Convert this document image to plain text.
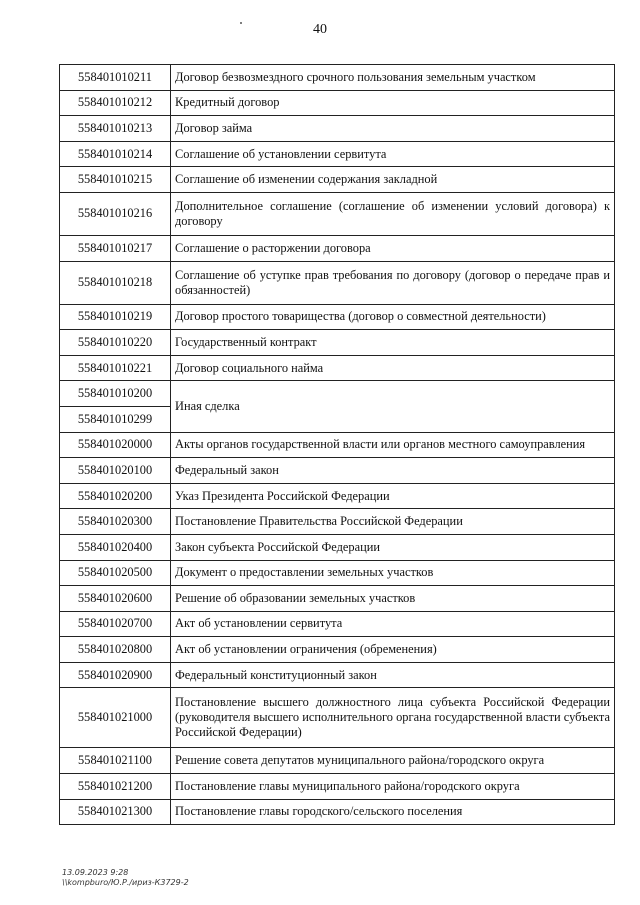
40
558401010211	Договор безвозмездного срочного пользования земельным участком
558401010212	Кредитный договор
558401010213	Договор займа
558401010214	Соглашение об установлении сервитута
558401010215	Соглашение об изменении содержания закладной
558401010216	Дополнительное соглашение (соглашение об изменении условий договора) к договору
558401010217	Соглашение о расторжении договора
558401010218	Соглашение об уступке прав требования по договору (договор о передаче прав и обязанностей)
558401010219	Договор простого товарищества (договор о совместной деятельности)
558401010220	Государственный контракт
558401010221	Договор социального найма
558401010200	Иная сделка
558401010299	
558401020000	Акты органов государственной власти или органов местного самоуправления
558401020100	Федеральный закон
558401020200	Указ Президента Российской Федерации
558401020300	Постановление Правительства Российской Федерации
558401020400	Закон субъекта Российской Федерации
558401020500	Документ о предоставлении земельных участков
558401020600	Решение об образовании земельных участков
558401020700	Акт об установлении сервитута
558401020800	Акт об установлении ограничения (обременения)
558401020900	Федеральный конституционный закон
558401021000	Постановление высшего должностного лица субъекта Российской Федерации (руководителя высшего исполнительного органа государственной власти субъекта Российской Федерации)
558401021100	Решение совета депутатов муниципального района/городского округа
558401021200	Постановление главы муниципального района/городского округа
558401021300	Постановление главы городского/сельского поселения
13.09.2023 9:28
\\kompburo/Ю.Р./ириз-К3729-2
